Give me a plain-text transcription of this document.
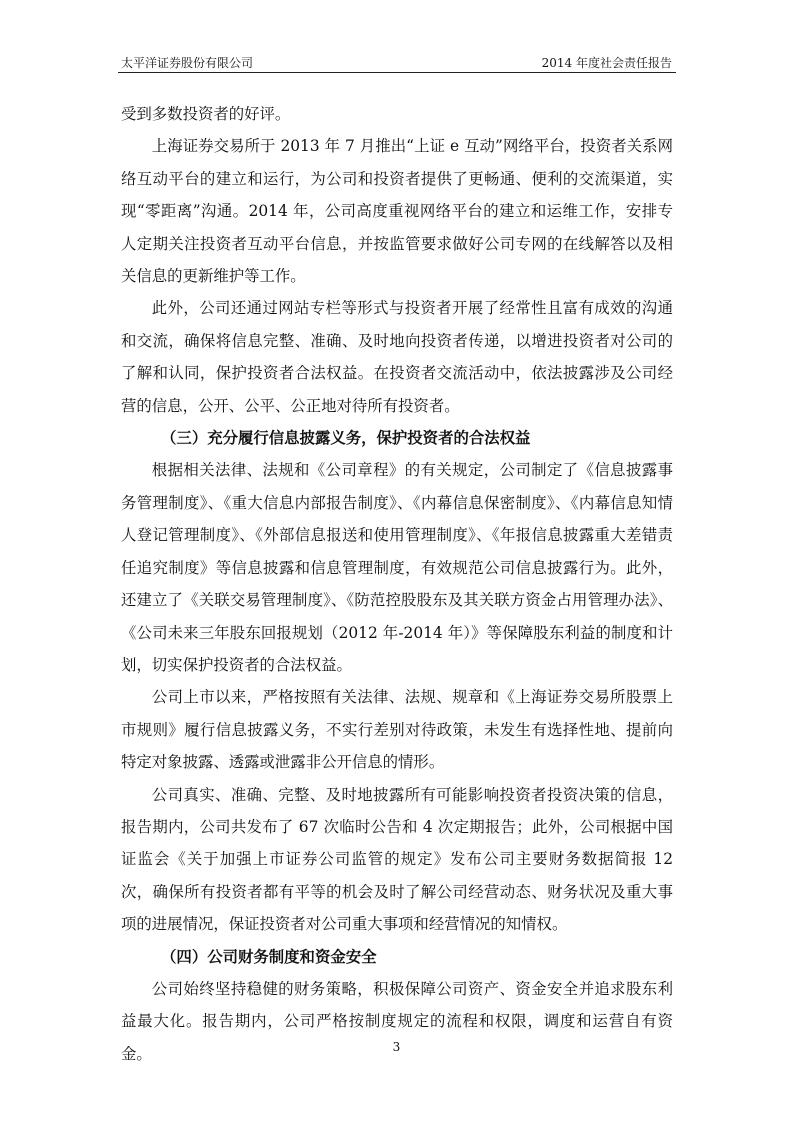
太平洋证券股份有限公司	2014 年度社会责任报告

受到多数投资者的好评。

上海证券交易所于 2013 年 7 月推出“上证 e 互动”网络平台，投资者关系网络互动平台的建立和运行，为公司和投资者提供了更畅通、便利的交流渠道，实现“零距离”沟通。2014 年，公司高度重视网络平台的建立和运维工作，安排专人定期关注投资者互动平台信息，并按监管要求做好公司专网的在线解答以及相关信息的更新维护等工作。

此外，公司还通过网站专栏等形式与投资者开展了经常性且富有成效的沟通和交流，确保将信息完整、准确、及时地向投资者传递，以增进投资者对公司的了解和认同，保护投资者合法权益。在投资者交流活动中，依法披露涉及公司经营的信息，公开、公平、公正地对待所有投资者。

（三）充分履行信息披露义务，保护投资者的合法权益

根据相关法律、法规和《公司章程》的有关规定，公司制定了《信息披露事务管理制度》、《重大信息内部报告制度》、《内幕信息保密制度》、《内幕信息知情人登记管理制度》、《外部信息报送和使用管理制度》、《年报信息披露重大差错责任追究制度》等信息披露和信息管理制度，有效规范公司信息披露行为。此外，还建立了《关联交易管理制度》、《防范控股股东及其关联方资金占用管理办法》、《公司未来三年股东回报规划（2012 年-2014 年）》等保障股东利益的制度和计划，切实保护投资者的合法权益。

公司上市以来，严格按照有关法律、法规、规章和《上海证券交易所股票上市规则》履行信息披露义务，不实行差别对待政策，未发生有选择性地、提前向特定对象披露、透露或泄露非公开信息的情形。

公司真实、准确、完整、及时地披露所有可能影响投资者投资决策的信息，报告期内，公司共发布了 67 次临时公告和 4 次定期报告；此外，公司根据中国证监会《关于加强上市证券公司监管的规定》发布公司主要财务数据简报 12 次，确保所有投资者都有平等的机会及时了解公司经营动态、财务状况及重大事项的进展情况，保证投资者对公司重大事项和经营情况的知情权。

（四）公司财务制度和资金安全

公司始终坚持稳健的财务策略，积极保障公司资产、资金安全并追求股东利益最大化。报告期内，公司严格按制度规定的流程和权限，调度和运营自有资金。	3
